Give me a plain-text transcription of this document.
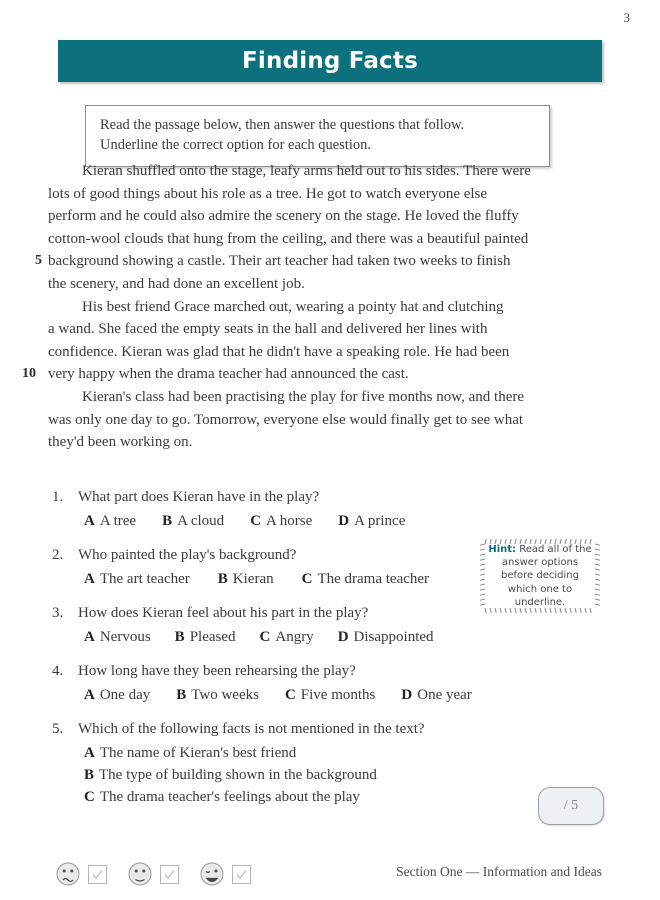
3
Finding Facts
Read the passage below, then answer the questions that follow.
Underline the correct option for each question.
5
10

Kieran shuffled onto the stage, leafy arms held out to his sides. There were
lots of good things about his role as a tree. He got to watch everyone else
perform and he could also admire the scenery on the stage. He loved the fluffy
cotton-wool clouds that hung from the ceiling, and there was a beautiful painted
background showing a castle. Their art teacher had taken two weeks to finish
the scenery, and had done an excellent job.

His best friend Grace marched out, wearing a pointy hat and clutching
a wand. She faced the empty seats in the hall and delivered her lines with
confidence. Kieran was glad that he didn't have a speaking role. He had been
very happy when the drama teacher had announced the cast.

Kieran's class had been practising the play for five months now, and there
was only one day to go. Tomorrow, everyone else would finally get to see what
they'd been working on.

1. What part does Kieran have in the play?
A A tree B A cloud C A horse D A prince
2. Who painted the play's background?
A The art teacher B Kieran C The drama teacher
3. How does Kieran feel about his part in the play?
A Nervous B Pleased C Angry D Disappointed
4. How long have they been rehearsing the play?
A One day B Two weeks C Five months D One year
5. Which of the following facts is not mentioned in the text?
A The name of Kieran's best friend
B The type of building shown in the background
C The drama teacher's feelings about the play
Hint: Read all of the answer options before deciding which one to underline.
/ 5
Section One — Information and Ideas
